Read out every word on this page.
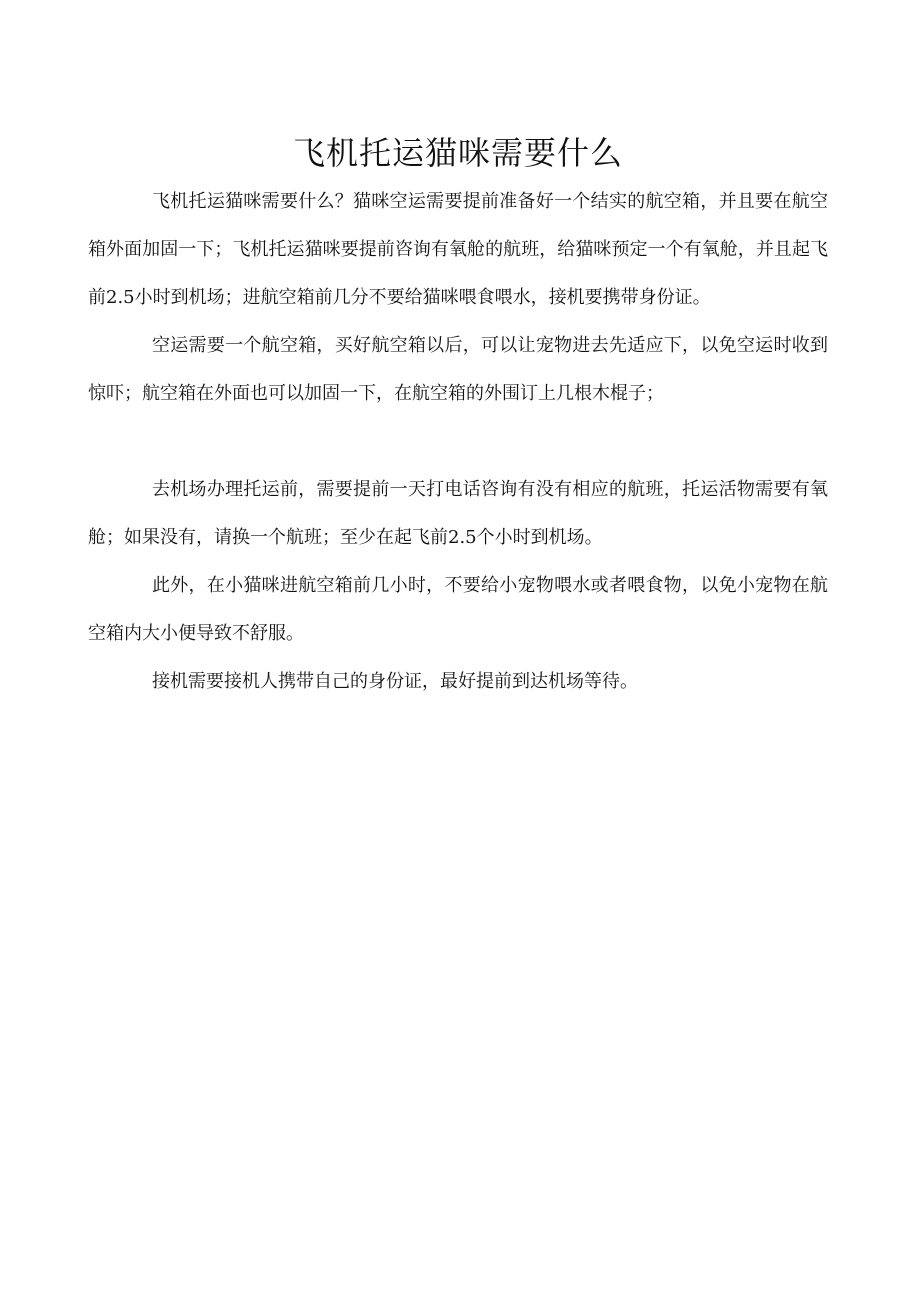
飞机托运猫咪需要什么

飞机托运猫咪需要什么？猫咪空运需要提前准备好一个结实的航空箱，并且要在航空箱外面加固一下；飞机托运猫咪要提前咨询有氧舱的航班，给猫咪预定一个有氧舱，并且起飞前2.5小时到机场；进航空箱前几分不要给猫咪喂食喂水，接机要携带身份证。

空运需要一个航空箱，买好航空箱以后，可以让宠物进去先适应下，以免空运时收到惊吓；航空箱在外面也可以加固一下，在航空箱的外围订上几根木棍子；

去机场办理托运前，需要提前一天打电话咨询有没有相应的航班，托运活物需要有氧舱；如果没有，请换一个航班；至少在起飞前2.5个小时到机场。

此外，在小猫咪进航空箱前几小时，不要给小宠物喂水或者喂食物，以免小宠物在航空箱内大小便导致不舒服。

接机需要接机人携带自己的身份证，最好提前到达机场等待。
